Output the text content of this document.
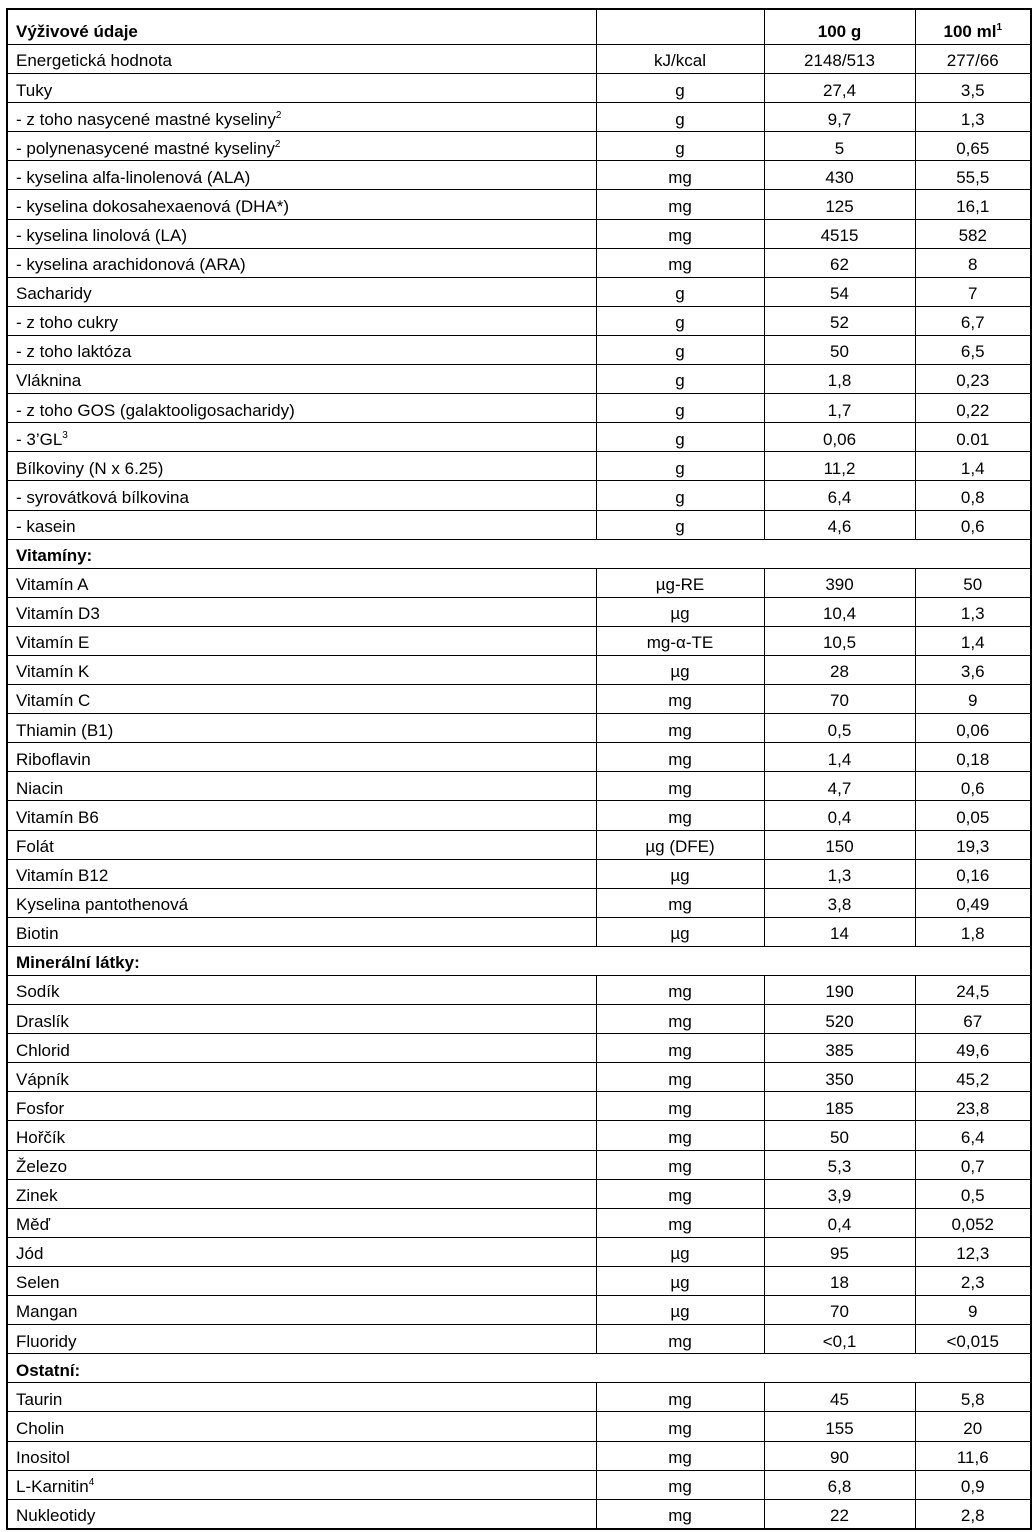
Výživové údaje		100 g	100 $ml^1$
Energetická hodnota	kJ/kcal	2148/513	277/66
Tuky	g	27,4	3,5
- z toho nasycené mastné kyseliny$^2$	g	9,7	1,3
- polynenasycené mastné kyseliny$^2$	g	5	0,65
- kyselina alfa-linolenová (ALA)	mg	430	55,5
- kyselina dokosahexaenová (DHA*)	mg	125	16,1
- kyselina linolová (LA)	mg	4515	582
- kyselina arachidonová (ARA)	mg	62	8
Sacharidy	g	54	7
- z toho cukry	g	52	6,7
- z toho laktóza	g	50	6,5
Vláknina	g	1,8	0,23
- z toho GOS (galaktooligosacharidy)	g	1,7	0,22
- $3’GL^3$	g	0,06	0.01
Bílkoviny (N x 6.25)	g	11,2	1,4
- syrovátková bílkovina	g	6,4	0,8
- kasein	g	4,6	0,6
Vitamíny:			
Vitamín A	µg-RE	390	50
Vitamín D3	µg	10,4	1,3
Vitamín E	mg-α-TE	10,5	1,4
Vitamín K	µg	28	3,6
Vitamín C	mg	70	9
Thiamin (B1)	mg	0,5	0,06
Riboflavin	mg	1,4	0,18
Niacin	mg	4,7	0,6
Vitamín B6	mg	0,4	0,05
Folát	µg (DFE)	150	19,3
Vitamín B12	µg	1,3	0,16
Kyselina pantothenová	mg	3,8	0,49
Biotin	µg	14	1,8
Minerální látky:			
Sodík	mg	190	24,5
Draslík	mg	520	67
Chlorid	mg	385	49,6
Vápník	mg	350	45,2
Fosfor	mg	185	23,8
Hořčík	mg	50	6,4
Železo	mg	5,3	0,7
Zinek	mg	3,9	0,5
Měď	mg	0,4	0,052
Jód	µg	95	12,3
Selen	µg	18	2,3
Mangan	µg	70	9
Fluoridy	mg	<0,1	<0,015
Ostatní:			
Taurin	mg	45	5,8
Cholin	mg	155	20
Inositol	mg	90	11,6
L-Karnitin$^4$	mg	6,8	0,9
Nukleotidy	mg	22	2,8
